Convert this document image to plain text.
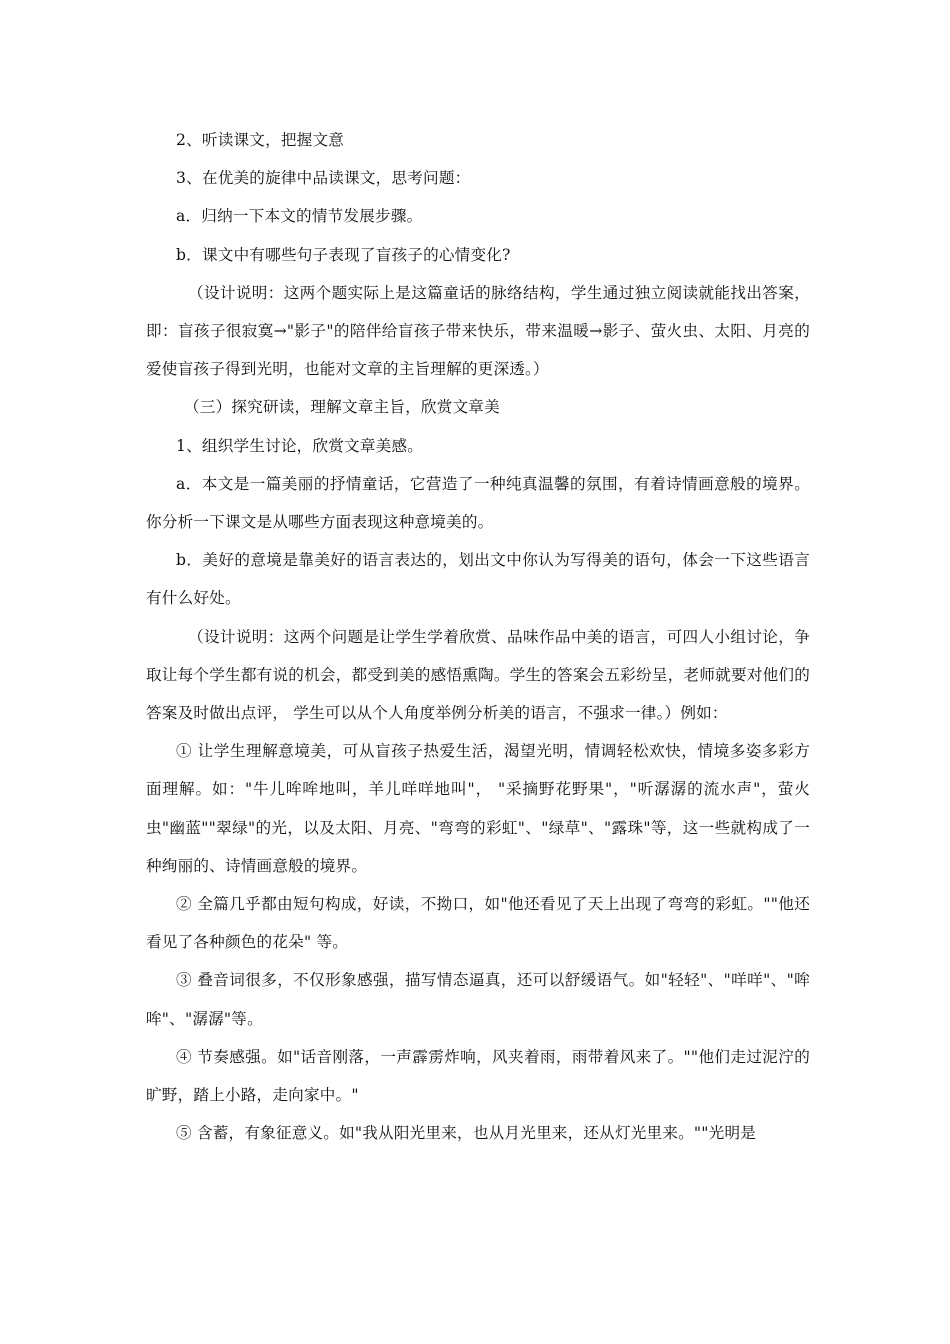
2、听读课文，把握文意

3、在优美的旋律中品读课文，思考问题：

a．归纳一下本文的情节发展步骤。

b．课文中有哪些句子表现了盲孩子的心情变化?

（设计说明：这两个题实际上是这篇童话的脉络结构，学生通过独立阅读就能找出答案，即：盲孩子很寂寞→"影子"的陪伴给盲孩子带来快乐，带来温暖→影子、萤火虫、太阳、月亮的爱使盲孩子得到光明，也能对文章的主旨理解的更深透。）

（三）探究研读，理解文章主旨，欣赏文章美

1、组织学生讨论，欣赏文章美感。

a．本文是一篇美丽的抒情童话，它营造了一种纯真温馨的氛围，有着诗情画意般的境界。你分析一下课文是从哪些方面表现这种意境美的。

b．美好的意境是靠美好的语言表达的，划出文中你认为写得美的语句，体会一下这些语言有什么好处。

（设计说明：这两个问题是让学生学着欣赏、品味作品中美的语言，可四人小组讨论，争取让每个学生都有说的机会，都受到美的感悟熏陶。学生的答案会五彩纷呈，老师就要对他们的答案及时做出点评， 学生可以从个人角度举例分析美的语言，不强求一律。）例如：

① 让学生理解意境美，可从盲孩子热爱生活，渴望光明，情调轻松欢快，情境多姿多彩方面理解。如："牛儿哞哞地叫，羊儿咩咩地叫"， "采摘野花野果"，"听潺潺的流水声"，萤火虫"幽蓝""翠绿"的光，以及太阳、月亮、"弯弯的彩虹"、"绿草"、"露珠"等，这一些就构成了一种绚丽的、诗情画意般的境界。

② 全篇几乎都由短句构成，好读，不拗口，如"他还看见了天上出现了弯弯的彩虹。""他还看见了各种颜色的花朵" 等。

③ 叠音词很多，不仅形象感强，描写情态逼真，还可以舒缓语气。如"轻轻"、"咩咩"、"哞哞"、"潺潺"等。

④ 节奏感强。如"话音刚落，一声霹雳炸响，风夹着雨，雨带着风来了。""他们走过泥泞的旷野，踏上小路，走向家中。"

⑤ 含蓄，有象征意义。如"我从阳光里来，也从月光里来，还从灯光里来。""光明是
